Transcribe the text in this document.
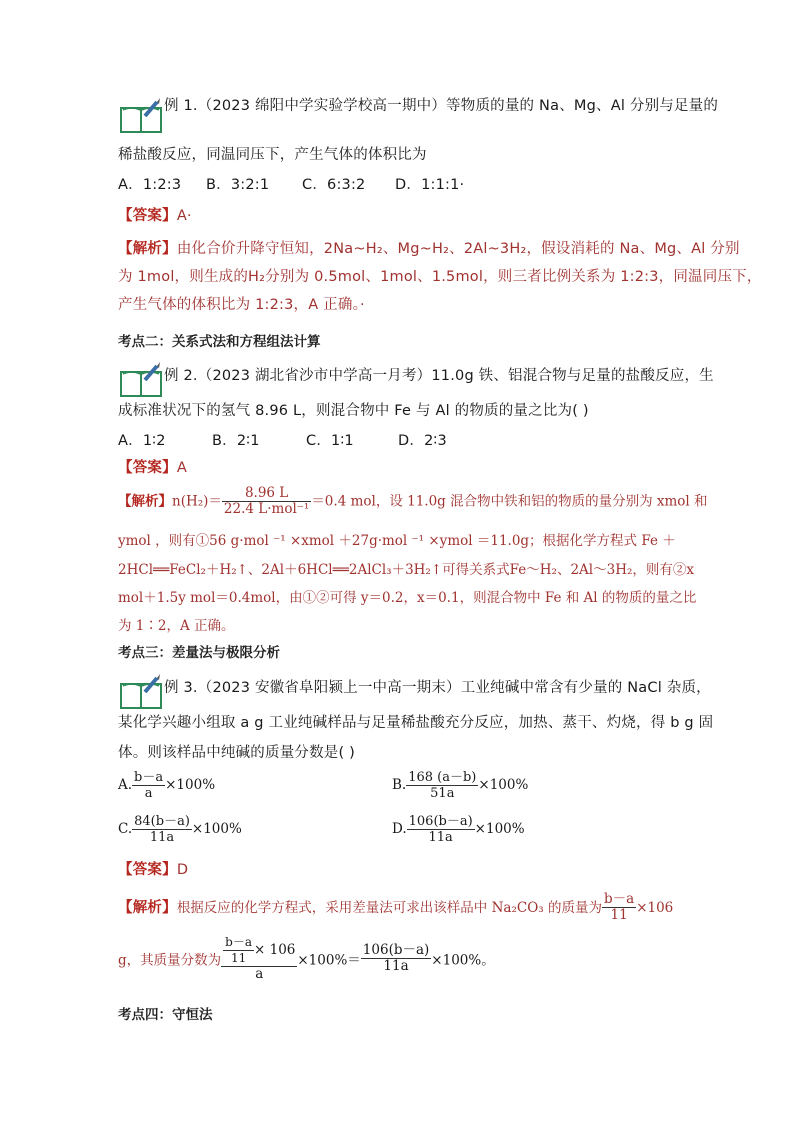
例 1.（2023 绵阳中学实验学校高一期中）等物质的量的 Na、Mg、Al 分别与足量的
稀盐酸反应，同温同压下，产生气体的体积比为
A．1:2:3 B．3:2:1 C．6:3:2 D．1:1:1·
【答案】A·
【解析】由化合价升降守恒知，2Na~H₂、Mg~H₂、2Al~3H₂，假设消耗的 Na、Mg、Al 分别
为 1mol，则生成的H₂分别为 0.5mol、1mol、1.5mol，则三者比例关系为 1:2:3，同温同压下，
产生气体的体积比为 1:2:3，A 正确。·
考点二：关系式法和方程组法计算
例 2.（2023 湖北省沙市中学高一月考）11.0g 铁、铝混合物与足量的盐酸反应，生
成标准状况下的氢气 8.96 L，则混合物中 Fe 与 Al 的物质的量之比为( )
A．1∶2	B．2∶1	C．1∶1	D．2∶3
【答案】A
【解析】$n(H_2)= \frac{8.96 L}{\text{22.4 L·mol⁻¹}} =0.4$ mol，设 11.0g 混合物中铁和铝的物质的量分别为 xmol 和
ymol ，则有①56 g·mol ⁻¹ ×xmol ＋27g·mol ⁻¹ ×ymol ＝11.0g；根据化学方程式 Fe ＋
2HCl══FeCl₂＋H₂↑、2Al＋6HCl══2AlCl₃＋3H₂↑可得关系式Fe～H₂、2Al～3H₂，则有②x
mol＋1.5y mol＝0.4mol，由①②可得 y＝0.2，x＝0.1，则混合物中 Fe 和 Al 的物质的量之比
为 1∶2，A 正确。
考点三：差量法与极限分析
例 3.（2023 安徽省阜阳颍上一中高一期末）工业纯碱中常含有少量的 NaCl 杂质，
某化学兴趣小组取 a g 工业纯碱样品与足量稀盐酸充分反应，加热、蒸干、灼烧，得 b g 固
体。则该样品中纯碱的质量分数是( )
A. $\frac{b-a}{a} \times 100\%$	B. $\frac{168 (a-b)}{51a} \times 100\%$
C. $\frac{84(b-a)}{11a} \times 100\%$	D. $\frac{106(b-a)}{11a} \times 100\%$
【答案】D
【解析】根据反应的化学方程式，采用差量法可求出该样品中 Na₂CO₃ 的质量为 $\frac{b-a}{11} \times 106$
g，其质量分数为 $\frac{\frac{b-a}{11} \times 106}{a} \times 100\%= \frac{106(b-a)}{11a} \times 100\%$。
考点四：守恒法
